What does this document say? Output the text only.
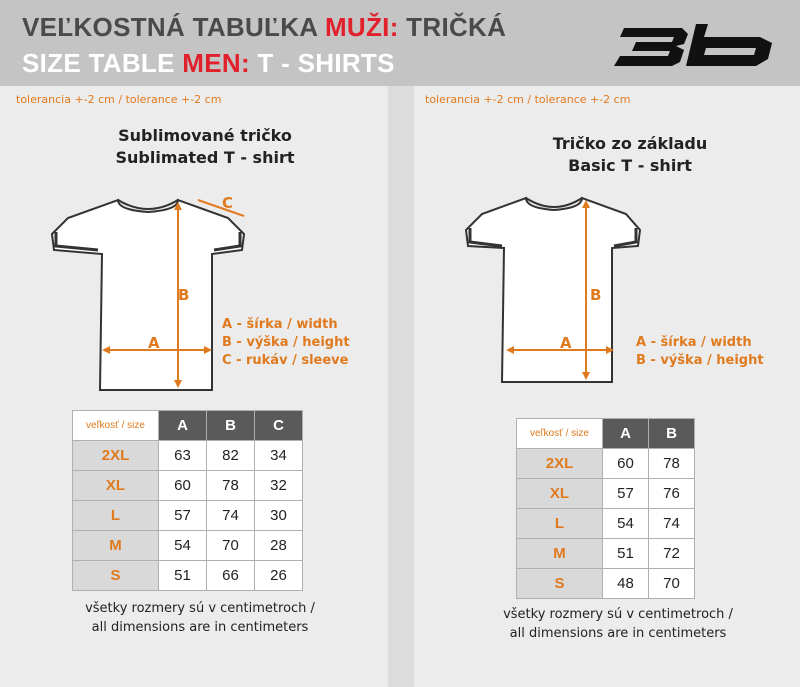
VEĽKOSTNÁ TABUĽKA MUŽI: TRIČKÁ
SIZE TABLE MEN: T - SHIRTS
tolerancia +-2 cm / tolerance +-2 cm
Sublimované tričko
Sublimated T - shirt
B
A
C
A - šírka / width
B - výška / height
C - rukáv / sleeve
veľkosť / size	A	B	C
2XL	63	82	34
XL	60	78	32
L	57	74	30
M	54	70	28
S	51	66	26
všetky rozmery sú v centimetroch /
all dimensions are in centimeters
tolerancia +-2 cm / tolerance +-2 cm
Tričko zo základu
Basic T - shirt
B
A	A - šírka / width
B - výška / height
veľkosť / size	A	B
2XL	60	78
XL	57	76
L	54	74
M	51	72
S	48	70
všetky rozmery sú v centimetroch /
all dimensions are in centimeters
